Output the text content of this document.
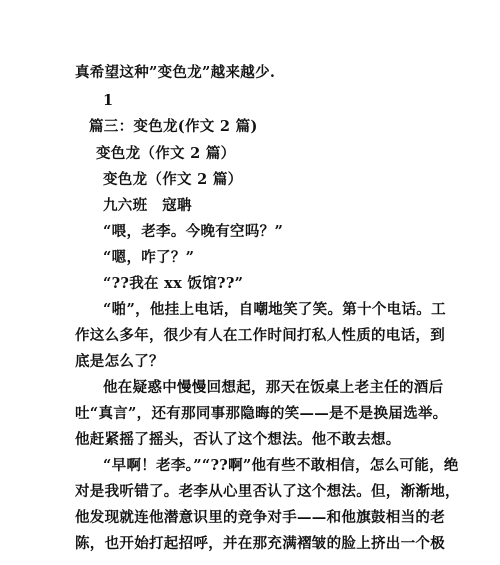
真希望这种”变色龙”越来越少.
1
篇三：变色龙(作文 2 篇)
变色龙（作文 2 篇）
变色龙（作文 2 篇）
九六班　寇聃
“喂，老李。今晚有空吗？”
“嗯，咋了？”
“??我在 xx 饭馆??”
“啪”，他挂上电话，自嘲地笑了笑。第十个电话。工
作这么多年，很少有人在工作时间打私人性质的电话，到
底是怎么了？
他在疑惑中慢慢回想起，那天在饭桌上老主任的酒后
吐“真言”，还有那同事那隐晦的笑——是不是换届选举。
他赶紧摇了摇头，否认了这个想法。他不敢去想。
“早啊！老李。”“??啊”他有些不敢相信，怎么可能，绝
对是我听错了。老李从心里否认了这个想法。但，渐渐地，
他发现就连他潜意识里的竞争对手——和他旗鼓相当的老
陈，也开始打起招呼，并在那充满褶皱的脸上挤出一个极
